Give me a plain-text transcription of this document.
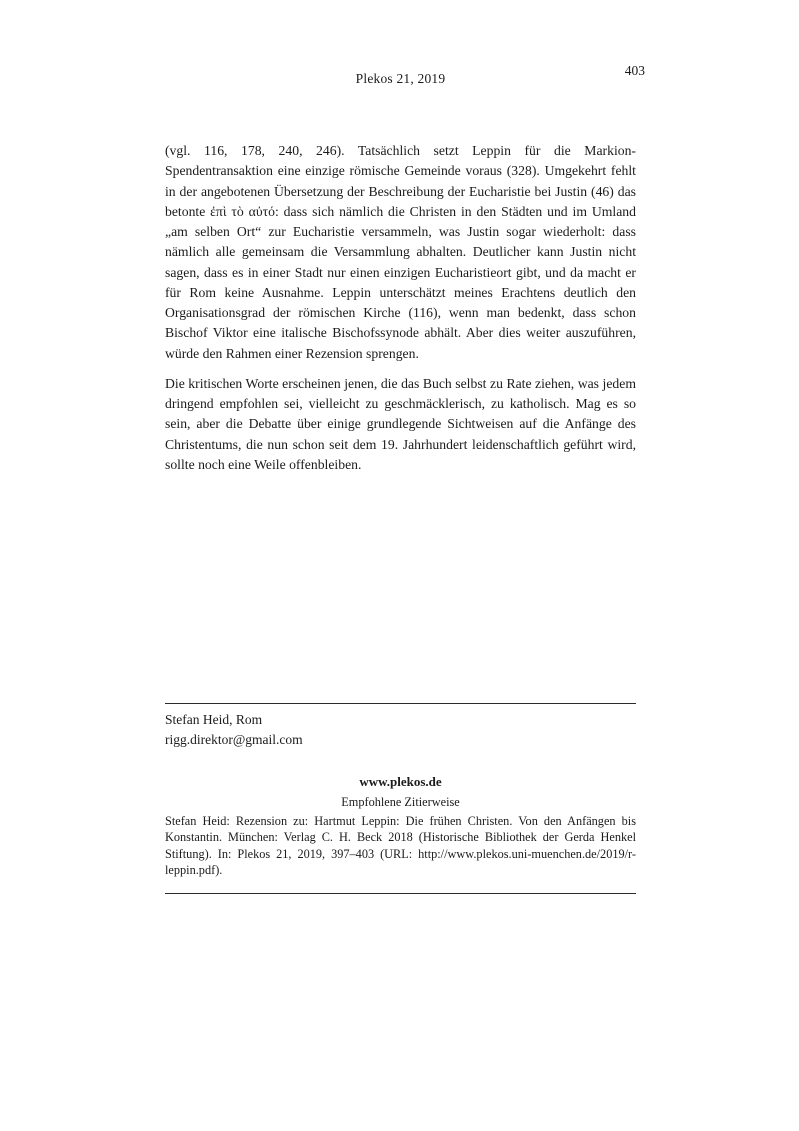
Plekos 21, 2019
403

(vgl. 116, 178, 240, 246). Tatsächlich setzt Leppin für die Markion-Spendentransaktion eine einzige römische Gemeinde voraus (328). Umgekehrt fehlt in der angebotenen Übersetzung der Beschreibung der Eucharistie bei Justin (46) das betonte ἐπὶ τὸ αὐτό: dass sich nämlich die Christen in den Städten und im Umland „am selben Ort“ zur Eucharistie versammeln, was Justin sogar wiederholt: dass nämlich alle gemeinsam die Versammlung abhalten. Deutlicher kann Justin nicht sagen, dass es in einer Stadt nur einen einzigen Eucharistieort gibt, und da macht er für Rom keine Ausnahme. Leppin unterschätzt meines Erachtens deutlich den Organisationsgrad der römischen Kirche (116), wenn man bedenkt, dass schon Bischof Viktor eine italische Bischofssynode abhält. Aber dies weiter auszuführen, würde den Rahmen einer Rezension sprengen.

Die kritischen Worte erscheinen jenen, die das Buch selbst zu Rate ziehen, was jedem dringend empfohlen sei, vielleicht zu geschmäcklerisch, zu katholisch. Mag es so sein, aber die Debatte über einige grundlegende Sichtweisen auf die Anfänge des Christentums, die nun schon seit dem 19. Jahrhundert leidenschaftlich geführt wird, sollte noch eine Weile offenbleiben.

Stefan Heid, Rom
rigg.direktor@gmail.com
www.plekos.de
Empfohlene Zitierweise

Stefan Heid: Rezension zu: Hartmut Leppin: Die frühen Christen. Von den Anfängen bis Konstantin. München: Verlag C. H. Beck 2018 (Historische Bibliothek der Gerda Henkel Stiftung). In: Plekos 21, 2019, 397–403 (URL: http://www.plekos.uni-muenchen.de/2019/r-leppin.pdf).
